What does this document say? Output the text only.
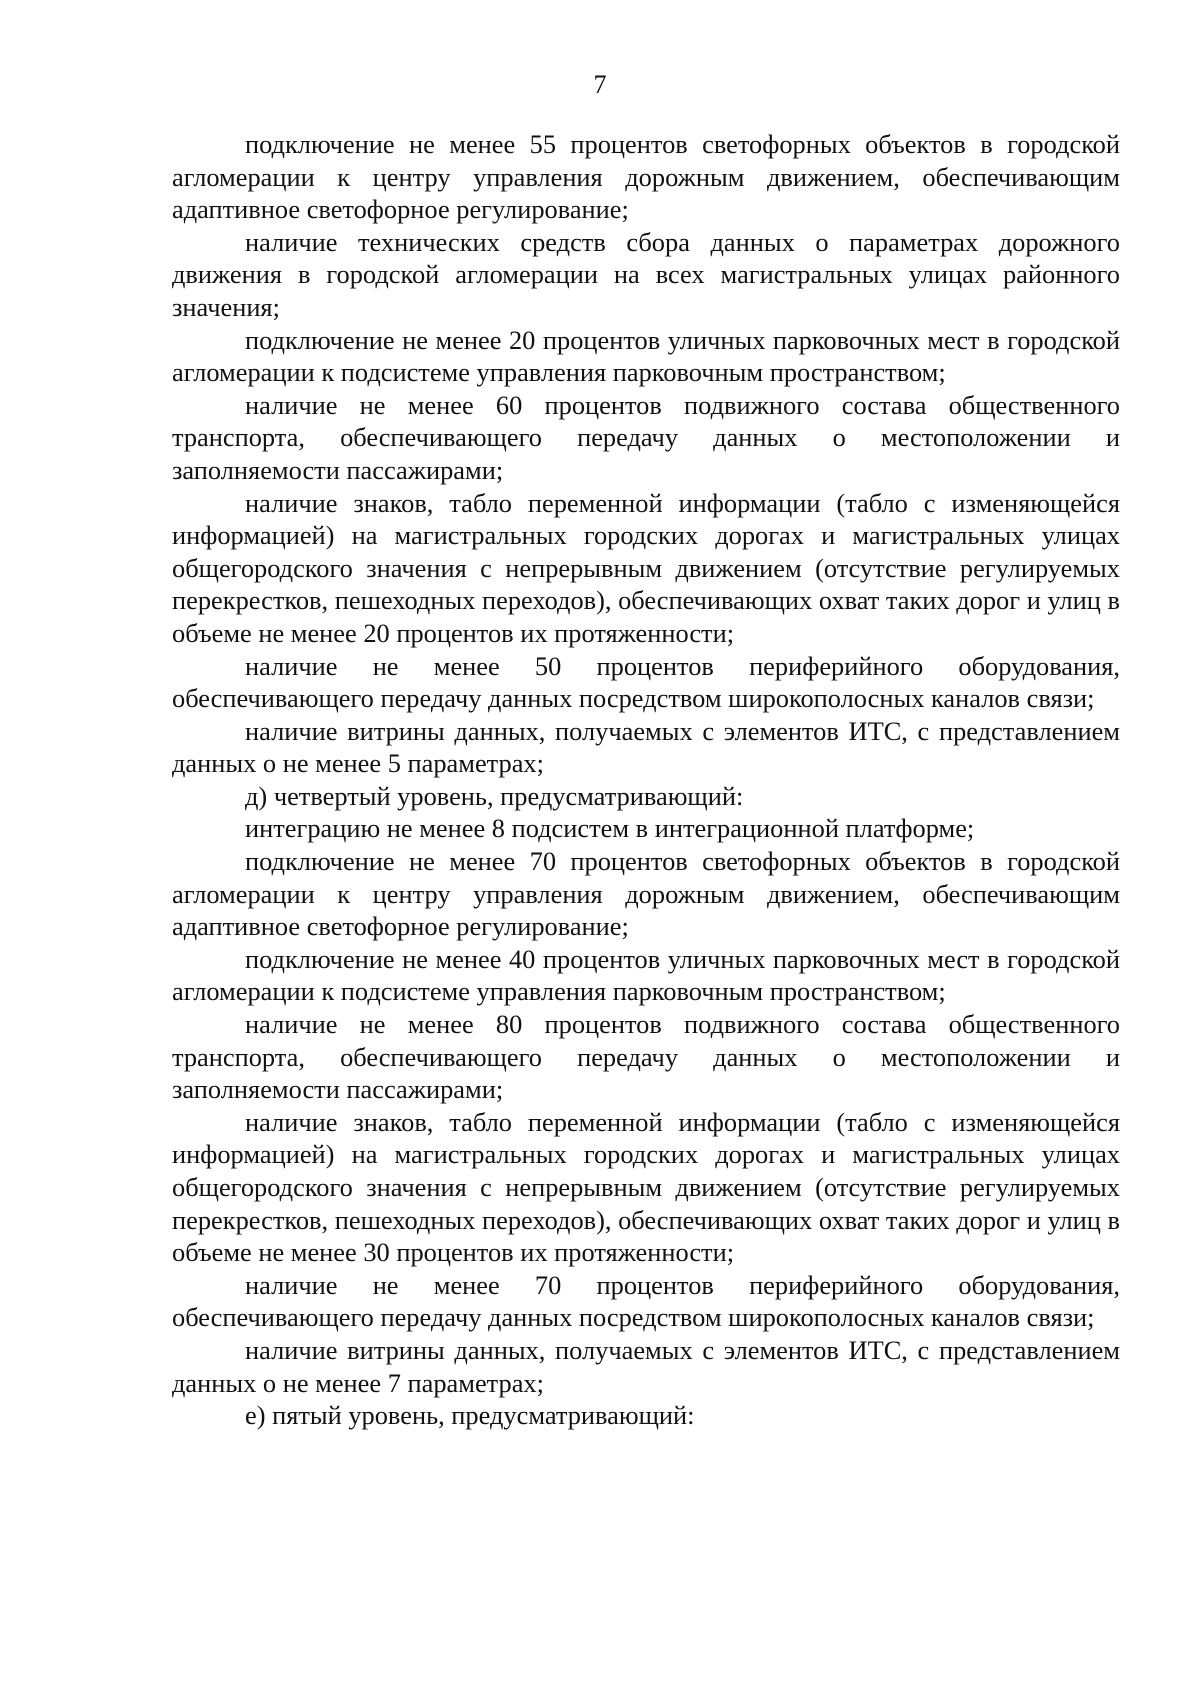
7

подключение не менее 55 процентов светофорных объектов в городской агломерации к центру управления дорожным движением, обеспечивающим адаптивное светофорное регулирование;

наличие технических средств сбора данных о параметрах дорожного движения в городской агломерации на всех магистральных улицах районного значения;

подключение не менее 20 процентов уличных парковочных мест в городской агломерации к подсистеме управления парковочным пространством;

наличие не менее 60 процентов подвижного состава общественного транспорта, обеспечивающего передачу данных о местоположении и заполняемости пассажирами;

наличие знаков, табло переменной информации (табло с изменяющейся информацией) на магистральных городских дорогах и магистральных улицах общегородского значения с непрерывным движением (отсутствие регулируемых перекрестков, пешеходных переходов), обеспечивающих охват таких дорог и улиц в объеме не менее 20 процентов их протяженности;

наличие не менее 50 процентов периферийного оборудования, обеспечивающего передачу данных посредством широкополосных каналов связи;

наличие витрины данных, получаемых с элементов ИТС, с представлением данных о не менее 5 параметрах;

д) четвертый уровень, предусматривающий:

интеграцию не менее 8 подсистем в интеграционной платформе;

подключение не менее 70 процентов светофорных объектов в городской агломерации к центру управления дорожным движением, обеспечивающим адаптивное светофорное регулирование;

подключение не менее 40 процентов уличных парковочных мест в городской агломерации к подсистеме управления парковочным пространством;

наличие не менее 80 процентов подвижного состава общественного транспорта, обеспечивающего передачу данных о местоположении и заполняемости пассажирами;

наличие знаков, табло переменной информации (табло с изменяющейся информацией) на магистральных городских дорогах и магистральных улицах общегородского значения с непрерывным движением (отсутствие регулируемых перекрестков, пешеходных переходов), обеспечивающих охват таких дорог и улиц в объеме не менее 30 процентов их протяженности;

наличие не менее 70 процентов периферийного оборудования, обеспечивающего передачу данных посредством широкополосных каналов связи;

наличие витрины данных, получаемых с элементов ИТС, с представлением данных о не менее 7 параметрах;

е) пятый уровень, предусматривающий:
